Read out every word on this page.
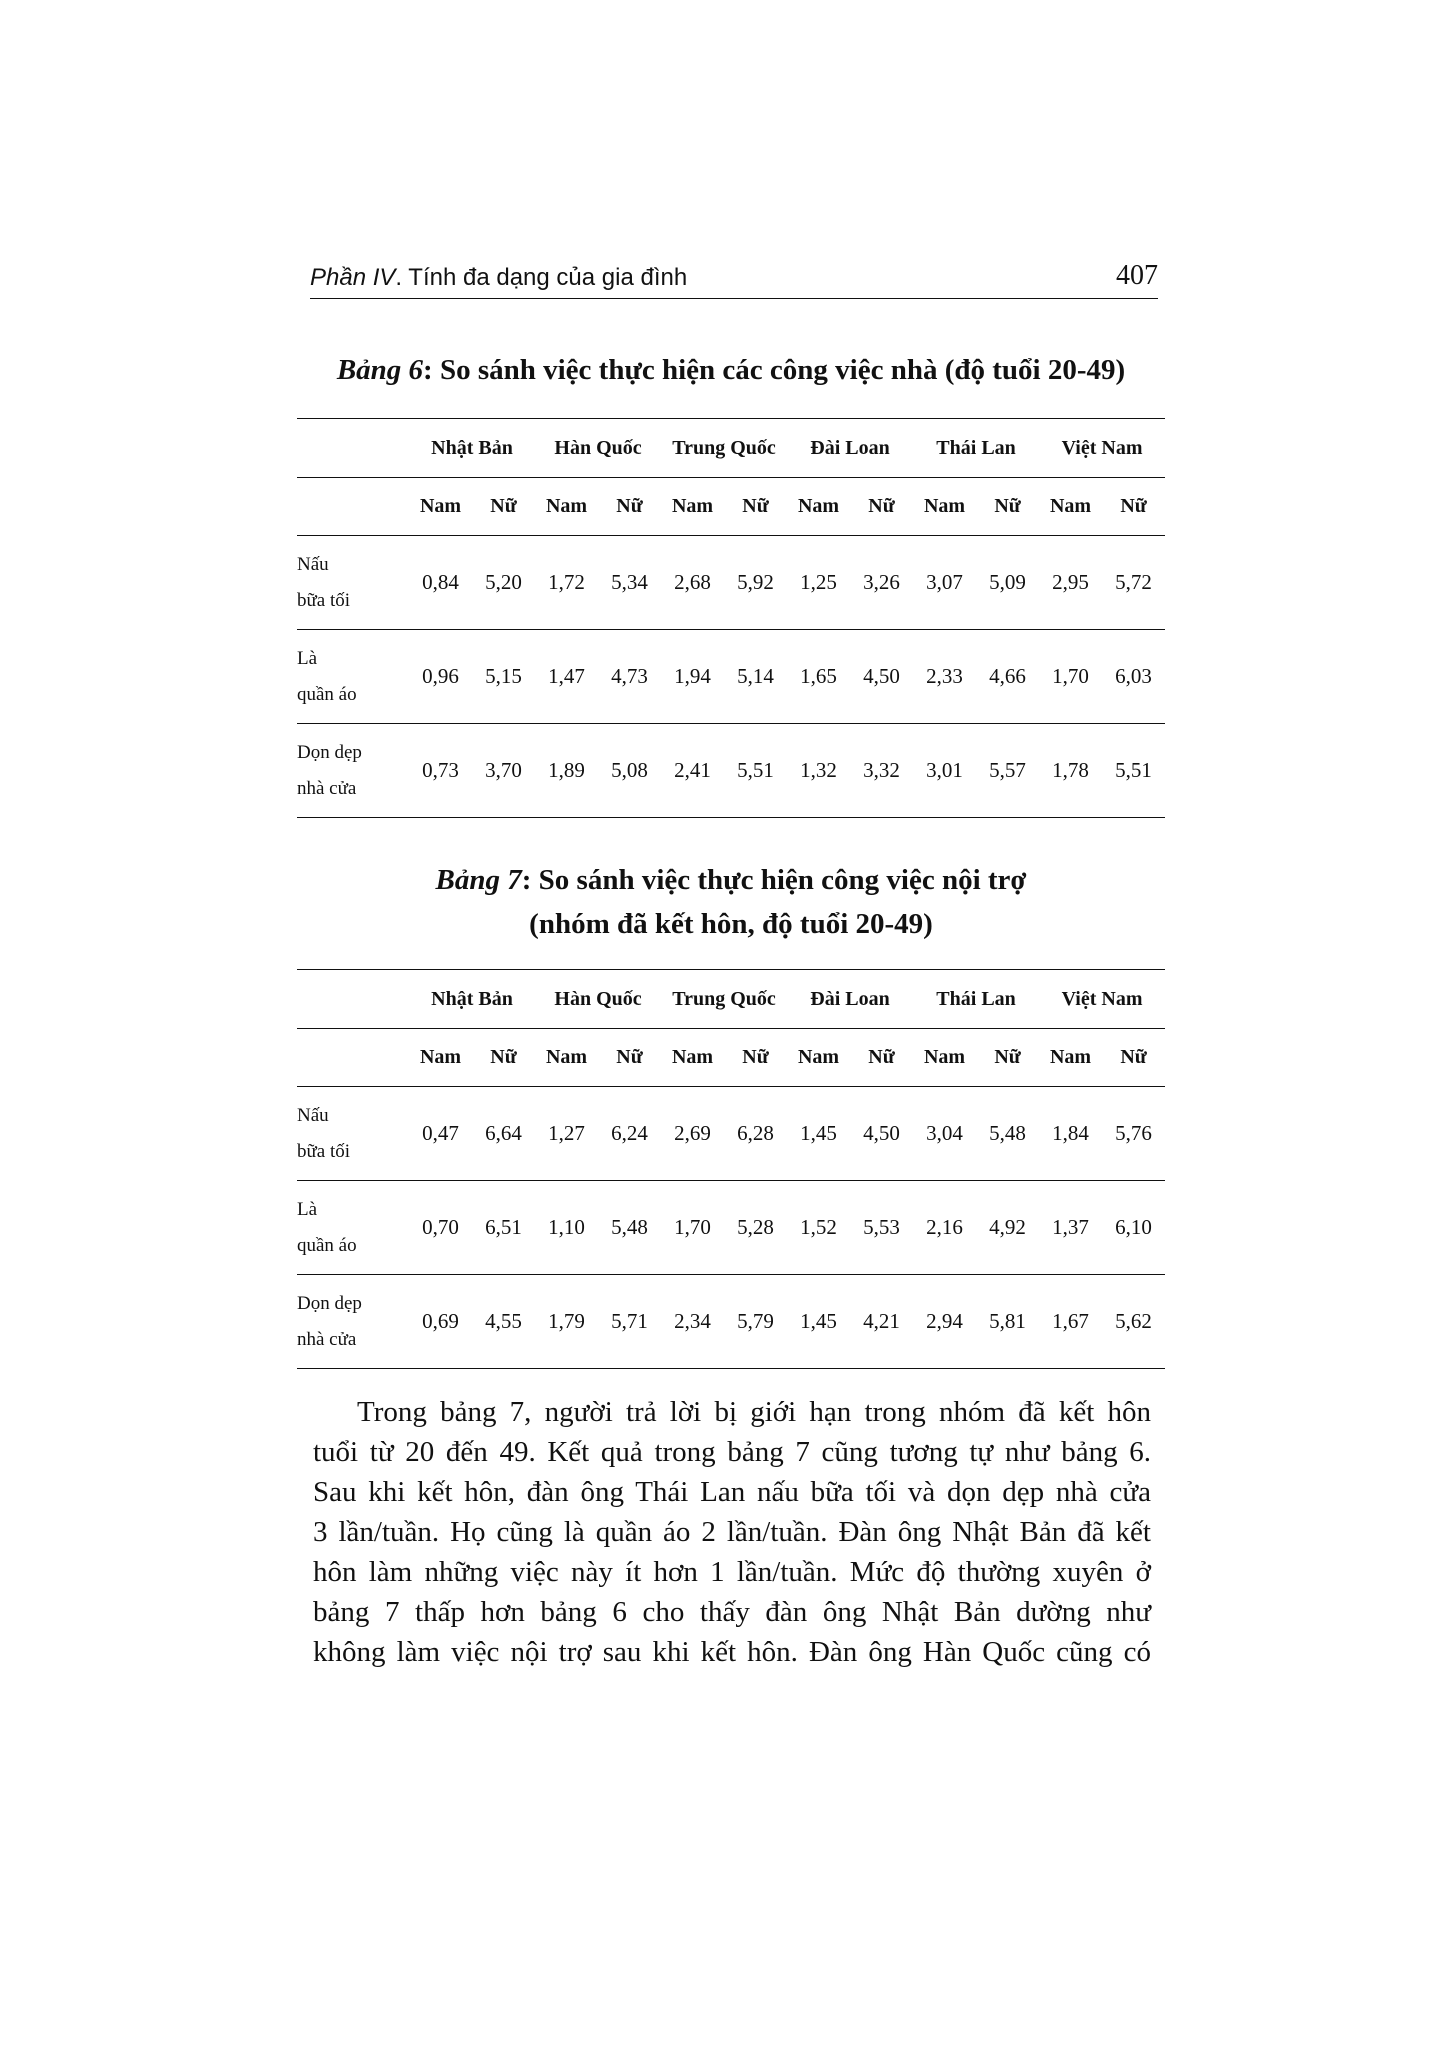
Phần IV. Tính đa dạng của gia đình	407
Bảng 6: So sánh việc thực hiện các công việc nhà (độ tuổi 20-49)
	Nhật Bản		Hàn Quốc		Trung Quốc		Đài Loan		Thái Lan		Việt Nam	
	Nam	Nữ	Nam	Nữ	Nam	Nữ	Nam	Nữ	Nam	Nữ	Nam	Nữ

Nấu
bữa tối	0,84	5,20	1,72	5,34	2,68	5,92	1,25	3,26	3,07	5,09	2,95	5,72

Là
quần áo	0,96	5,15	1,47	4,73	1,94	5,14	1,65	4,50	2,33	4,66	1,70	6,03

Dọn dẹp
nhà cửa	0,73	3,70	1,89	5,08	2,41	5,51	1,32	3,32	3,01	5,57	1,78	5,51
Bảng 7: So sánh việc thực hiện công việc nội trợ
(nhóm đã kết hôn, độ tuổi 20-49)
	Nhật Bản		Hàn Quốc		Trung Quốc		Đài Loan		Thái Lan		Việt Nam	
	Nam	Nữ	Nam	Nữ	Nam	Nữ	Nam	Nữ	Nam	Nữ	Nam	Nữ

Nấu
bữa tối	0,47	6,64	1,27	6,24	2,69	6,28	1,45	4,50	3,04	5,48	1,84	5,76

Là
quần áo	0,70	6,51	1,10	5,48	1,70	5,28	1,52	5,53	2,16	4,92	1,37	6,10

Dọn dẹp
nhà cửa	0,69	4,55	1,79	5,71	2,34	5,79	1,45	4,21	2,94	5,81	1,67	5,62

Trong bảng 7, người trả lời bị giới hạn trong nhóm đã kết hôn
tuổi từ 20 đến 49. Kết quả trong bảng 7 cũng tương tự như bảng 6.
Sau khi kết hôn, đàn ông Thái Lan nấu bữa tối và dọn dẹp nhà cửa
3 lần/tuần. Họ cũng là quần áo 2 lần/tuần. Đàn ông Nhật Bản đã kết
hôn làm những việc này ít hơn 1 lần/tuần. Mức độ thường xuyên ở
bảng 7 thấp hơn bảng 6 cho thấy đàn ông Nhật Bản dường như
không làm việc nội trợ sau khi kết hôn. Đàn ông Hàn Quốc cũng có
